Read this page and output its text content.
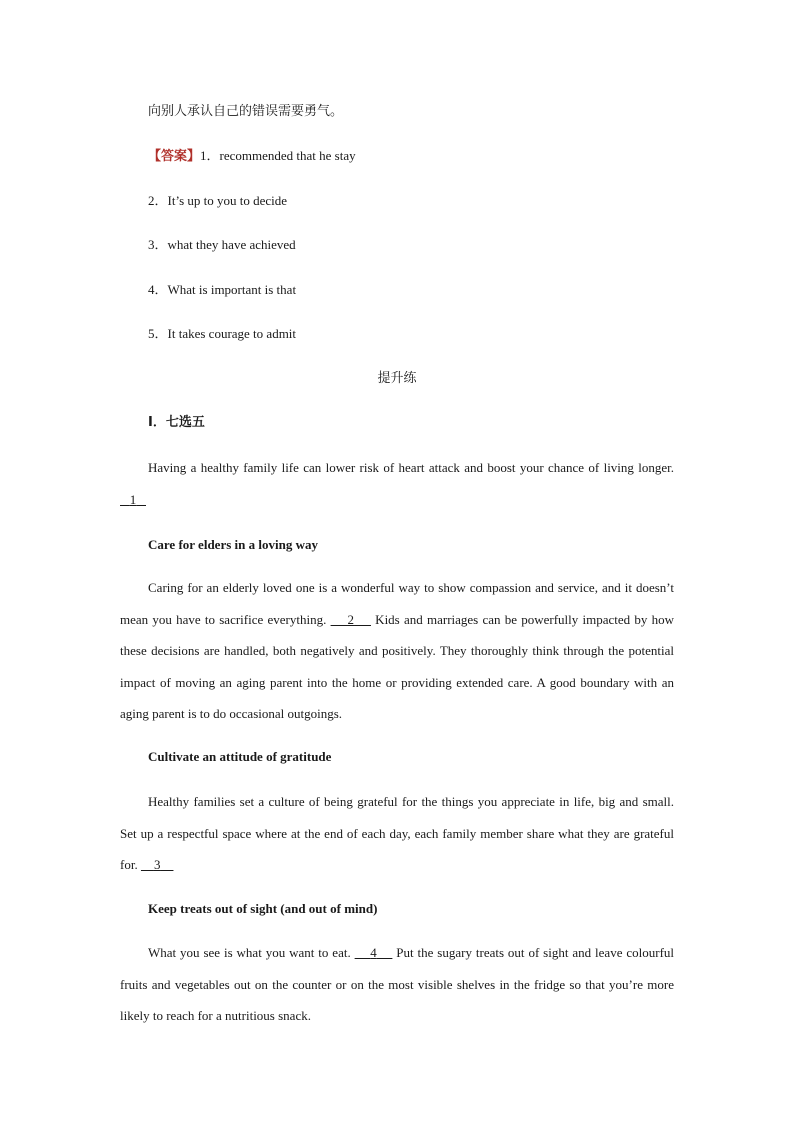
向别人承认自己的错误需要勇气。
【答案】1．recommended that he stay
2．It’s up to you to decide
3．what they have achieved
4．What is important is that
5．It takes courage to admit
提升练
Ⅰ．七选五
Having a healthy family life can lower risk of heart attack and boost your chance of living longer.    1
Care for elders in a loving way
Caring for an elderly loved one is a wonderful way to show compassion and service, and it doesn’t mean you have to sacrifice everything.     2     Kids and marriages can be powerfully impacted by how these decisions are handled, both negatively and positively. They thoroughly think through the potential impact of moving an aging parent into the home or providing extended care. A good boundary with an aging parent is to do occasional outgoings.
Cultivate an attitude of gratitude
Healthy families set a culture of being grateful for the things you appreciate in life, big and small. Set up a respectful space where at the end of each day, each family member share what they are grateful for.     3
Keep treats out of sight (and out of mind)
What you see is what you want to eat.     4     Put the sugary treats out of sight and leave colourful fruits and vegetables out on the counter or on the most visible shelves in the fridge so that you’re more likely to reach for a nutritious snack.
